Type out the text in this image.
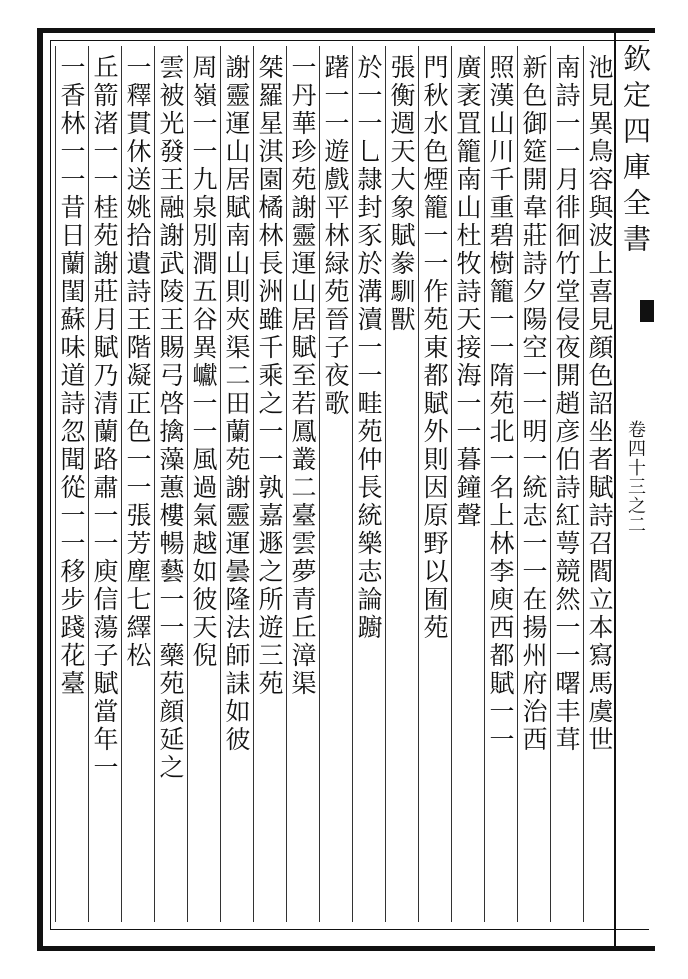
欽定四庫全書
卷四十三之二
池見異鳥容與波上喜見顔色詔坐者賦詩召閻立本寫馬虞世
南詩一一月徘徊竹堂侵夜開趙彦伯詩紅萼競然一一曙丰茸
新色御筵開韋莊詩夕陽空一一明一統志一一在揚州府治西
照漢山川千重碧樹籠一一隋苑北一名上林李庾西都賦一一
廣袤罝籠南山杜牧詩天接海一一暮鐘聲
門秋水色煙籠一一作苑東都賦外則因原野以囿苑
張衡週天大象賦豢馴獸
於一一乚隷封豕於溝瀆一一畦苑仲長統樂志論躕
躇一一遊戲平林緑苑晉子夜歌
一丹華珍苑謝靈運山居賦至若鳳叢二臺雲夢青丘漳渠
桀羅星淇園橘林長洲雖千乘之一一孰嘉遯之所遊三苑
謝靈運山居賦南山則夾渠二田蘭苑謝靈運曇隆法師誄如彼
周嶺一一九泉別澗五谷異巘一一風過氣越如彼天倪
雲被光發王融謝武陵王賜弓啓擒藻蕙樓暢藝一一藥苑顔延之
一釋貫休送姚拾遺詩王階凝正色一一張芳塵七繹松
丘箭渚一一桂苑謝莊月賦乃清蘭路肅一一庾信蕩子賦當年一
一香林一一昔日蘭閨蘇味道詩忽聞從一一移步踐花臺
